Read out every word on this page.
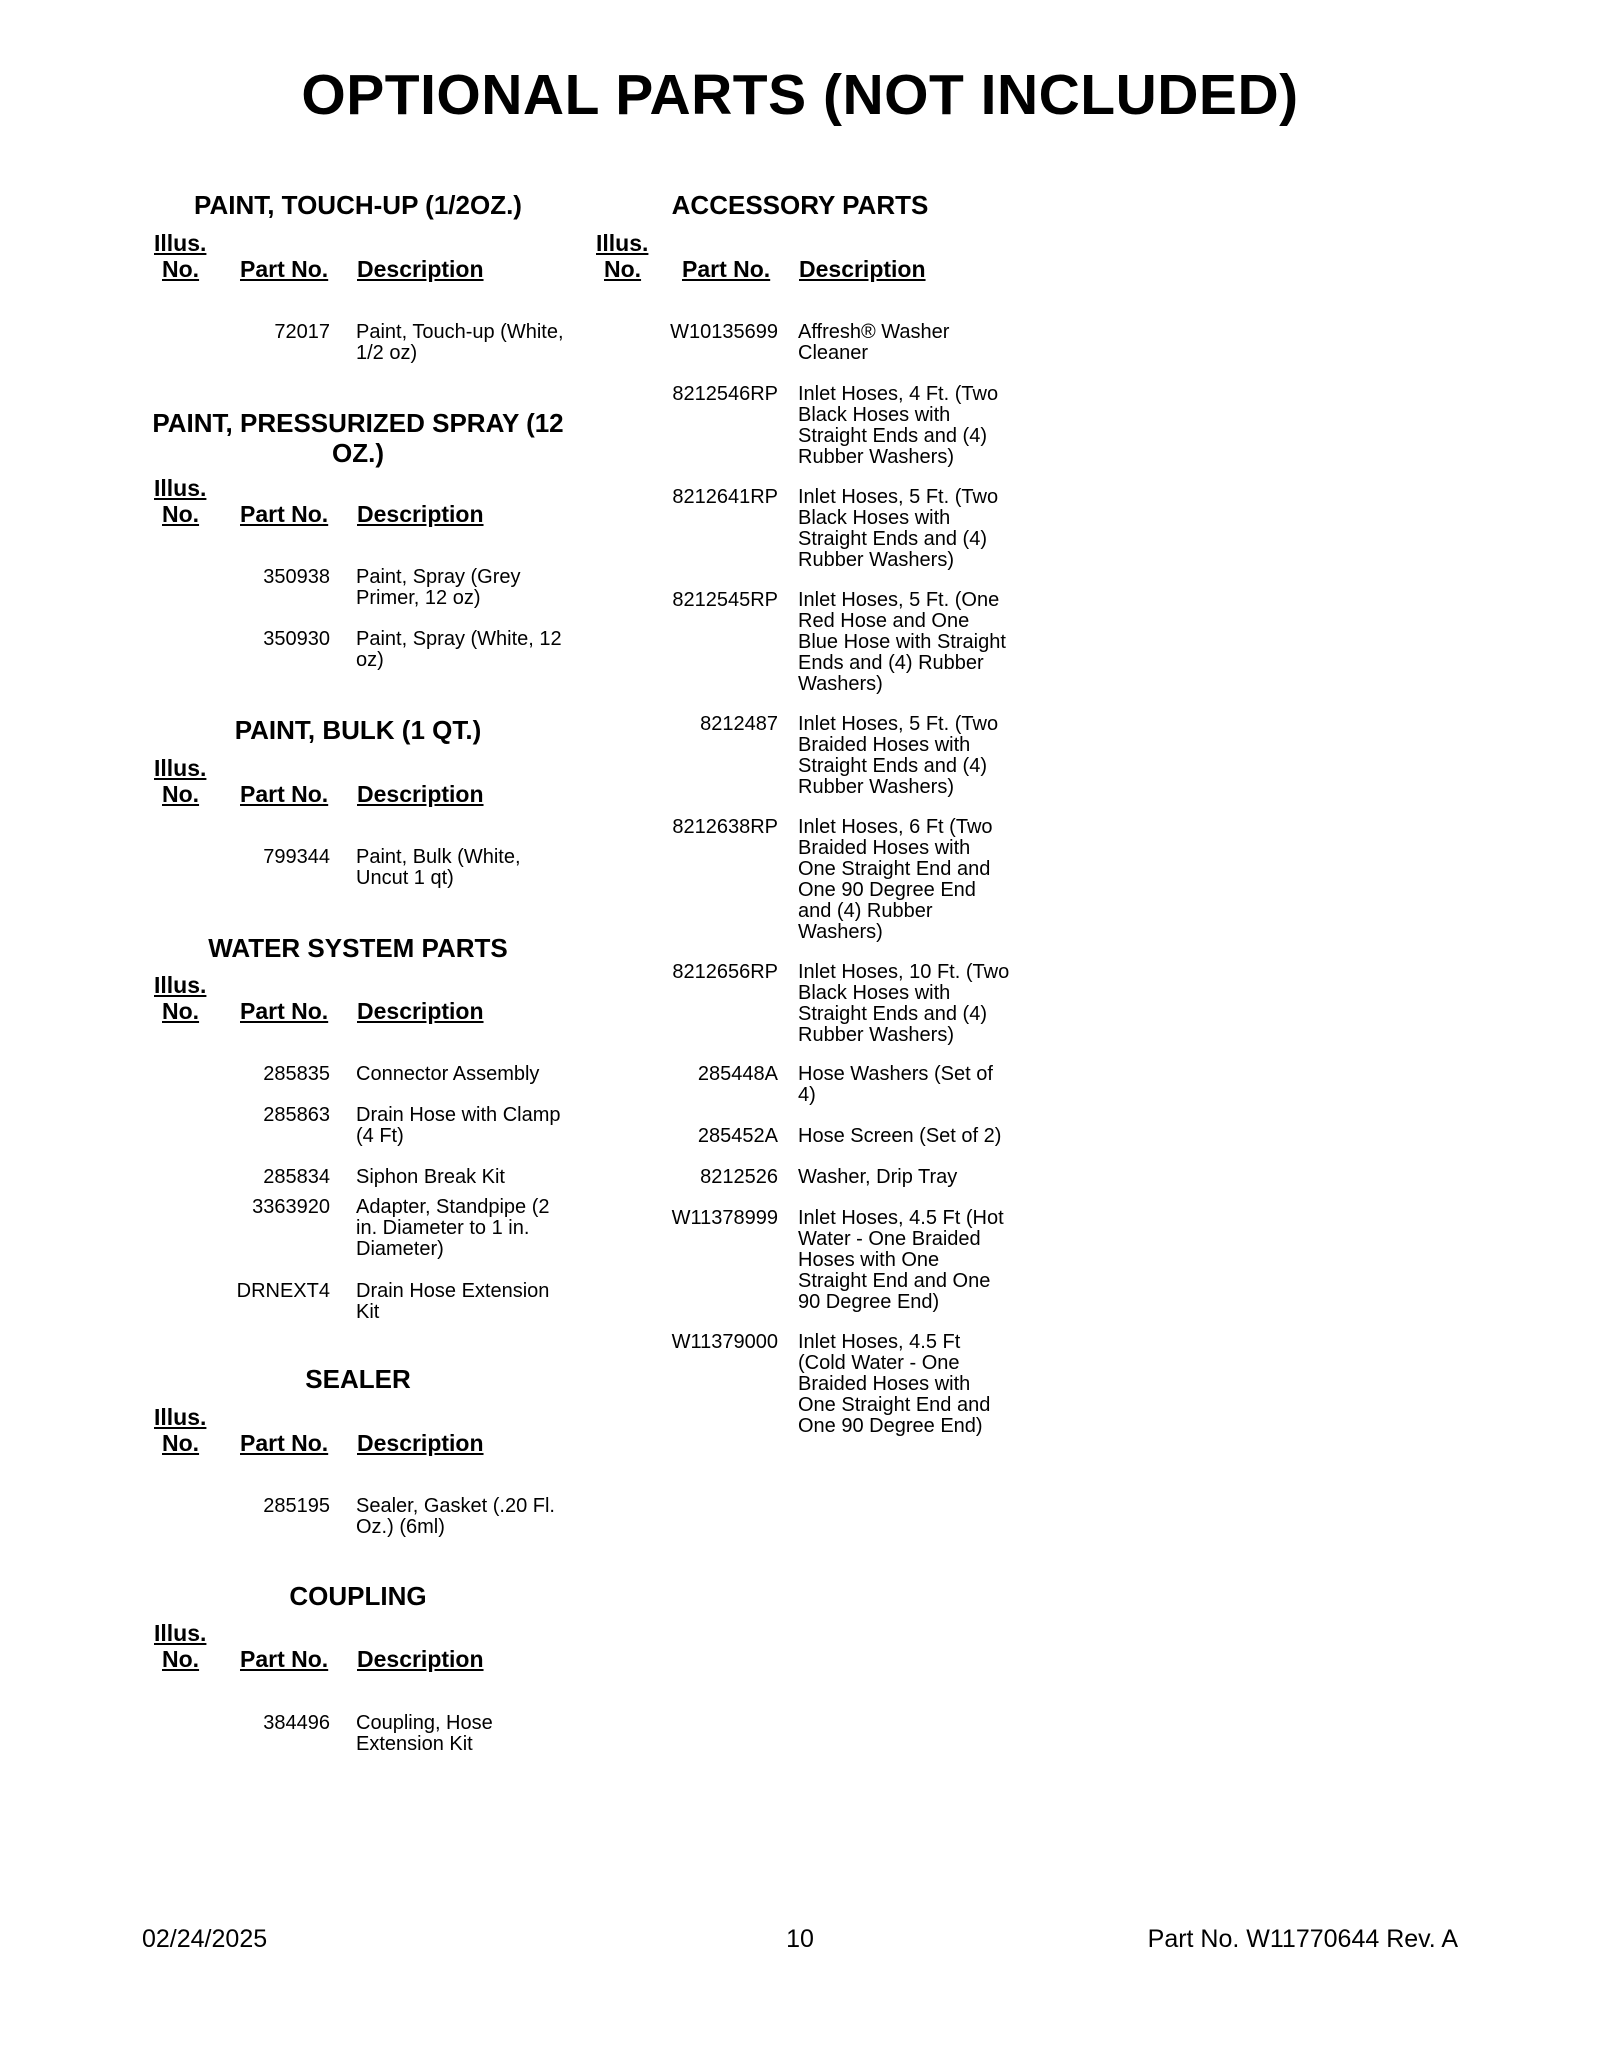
OPTIONAL PARTS (NOT INCLUDED)
PAINT, TOUCH-UP (1/2OZ.)
Illus.
No.	Part No. Description
72017 Paint, Touch-up (White, 1/2 oz)
PAINT, PRESSURIZED SPRAY (12 OZ.)
Illus.
No.	Part No. Description
350938 Paint, Spray (Grey Primer, 12 oz)
350930 Paint, Spray (White, 12 oz)
PAINT, BULK (1 QT.)
Illus.
No.	Part No. Description
799344 Paint, Bulk (White, Uncut 1 qt)
WATER SYSTEM PARTS
Illus.
No.	Part No. Description
285835 Connector Assembly
285863 Drain Hose with Clamp (4 Ft)
285834 Siphon Break Kit
3363920 Adapter, Standpipe (2 in. Diameter to 1 in. Diameter)
DRNEXT4 Drain Hose Extension Kit
SEALER
Illus.
No.	Part No. Description
285195 Sealer, Gasket (.20 Fl. Oz.) (6ml)
COUPLING
Illus.
No.	Part No. Description
384496 Coupling, Hose Extension Kit
ACCESSORY PARTS
Illus.
No.	Part No. Description
W10135699 Affresh® Washer Cleaner
8212546RP Inlet Hoses, 4 Ft. (Two Black Hoses with Straight Ends and (4) Rubber Washers)
8212641RP Inlet Hoses, 5 Ft. (Two Black Hoses with Straight Ends and (4) Rubber Washers)
8212545RP Inlet Hoses, 5 Ft. (One Red Hose and One Blue Hose with Straight Ends and (4) Rubber Washers)
8212487 Inlet Hoses, 5 Ft. (Two Braided Hoses with Straight Ends and (4) Rubber Washers)
8212638RP Inlet Hoses, 6 Ft (Two Braided Hoses with One Straight End and One 90 Degree End and (4) Rubber Washers)
8212656RP Inlet Hoses, 10 Ft. (Two Black Hoses with Straight Ends and (4) Rubber Washers)
285448A Hose Washers (Set of 4)
285452A Hose Screen (Set of 2)
8212526 Washer, Drip Tray
W11378999 Inlet Hoses, 4.5 Ft (Hot Water - One Braided Hoses with One Straight End and One 90 Degree End)
W11379000 Inlet Hoses, 4.5 Ft (Cold Water - One Braided Hoses with One Straight End and One 90 Degree End)
02/24/2025	10	Part No. W11770644 Rev. A
